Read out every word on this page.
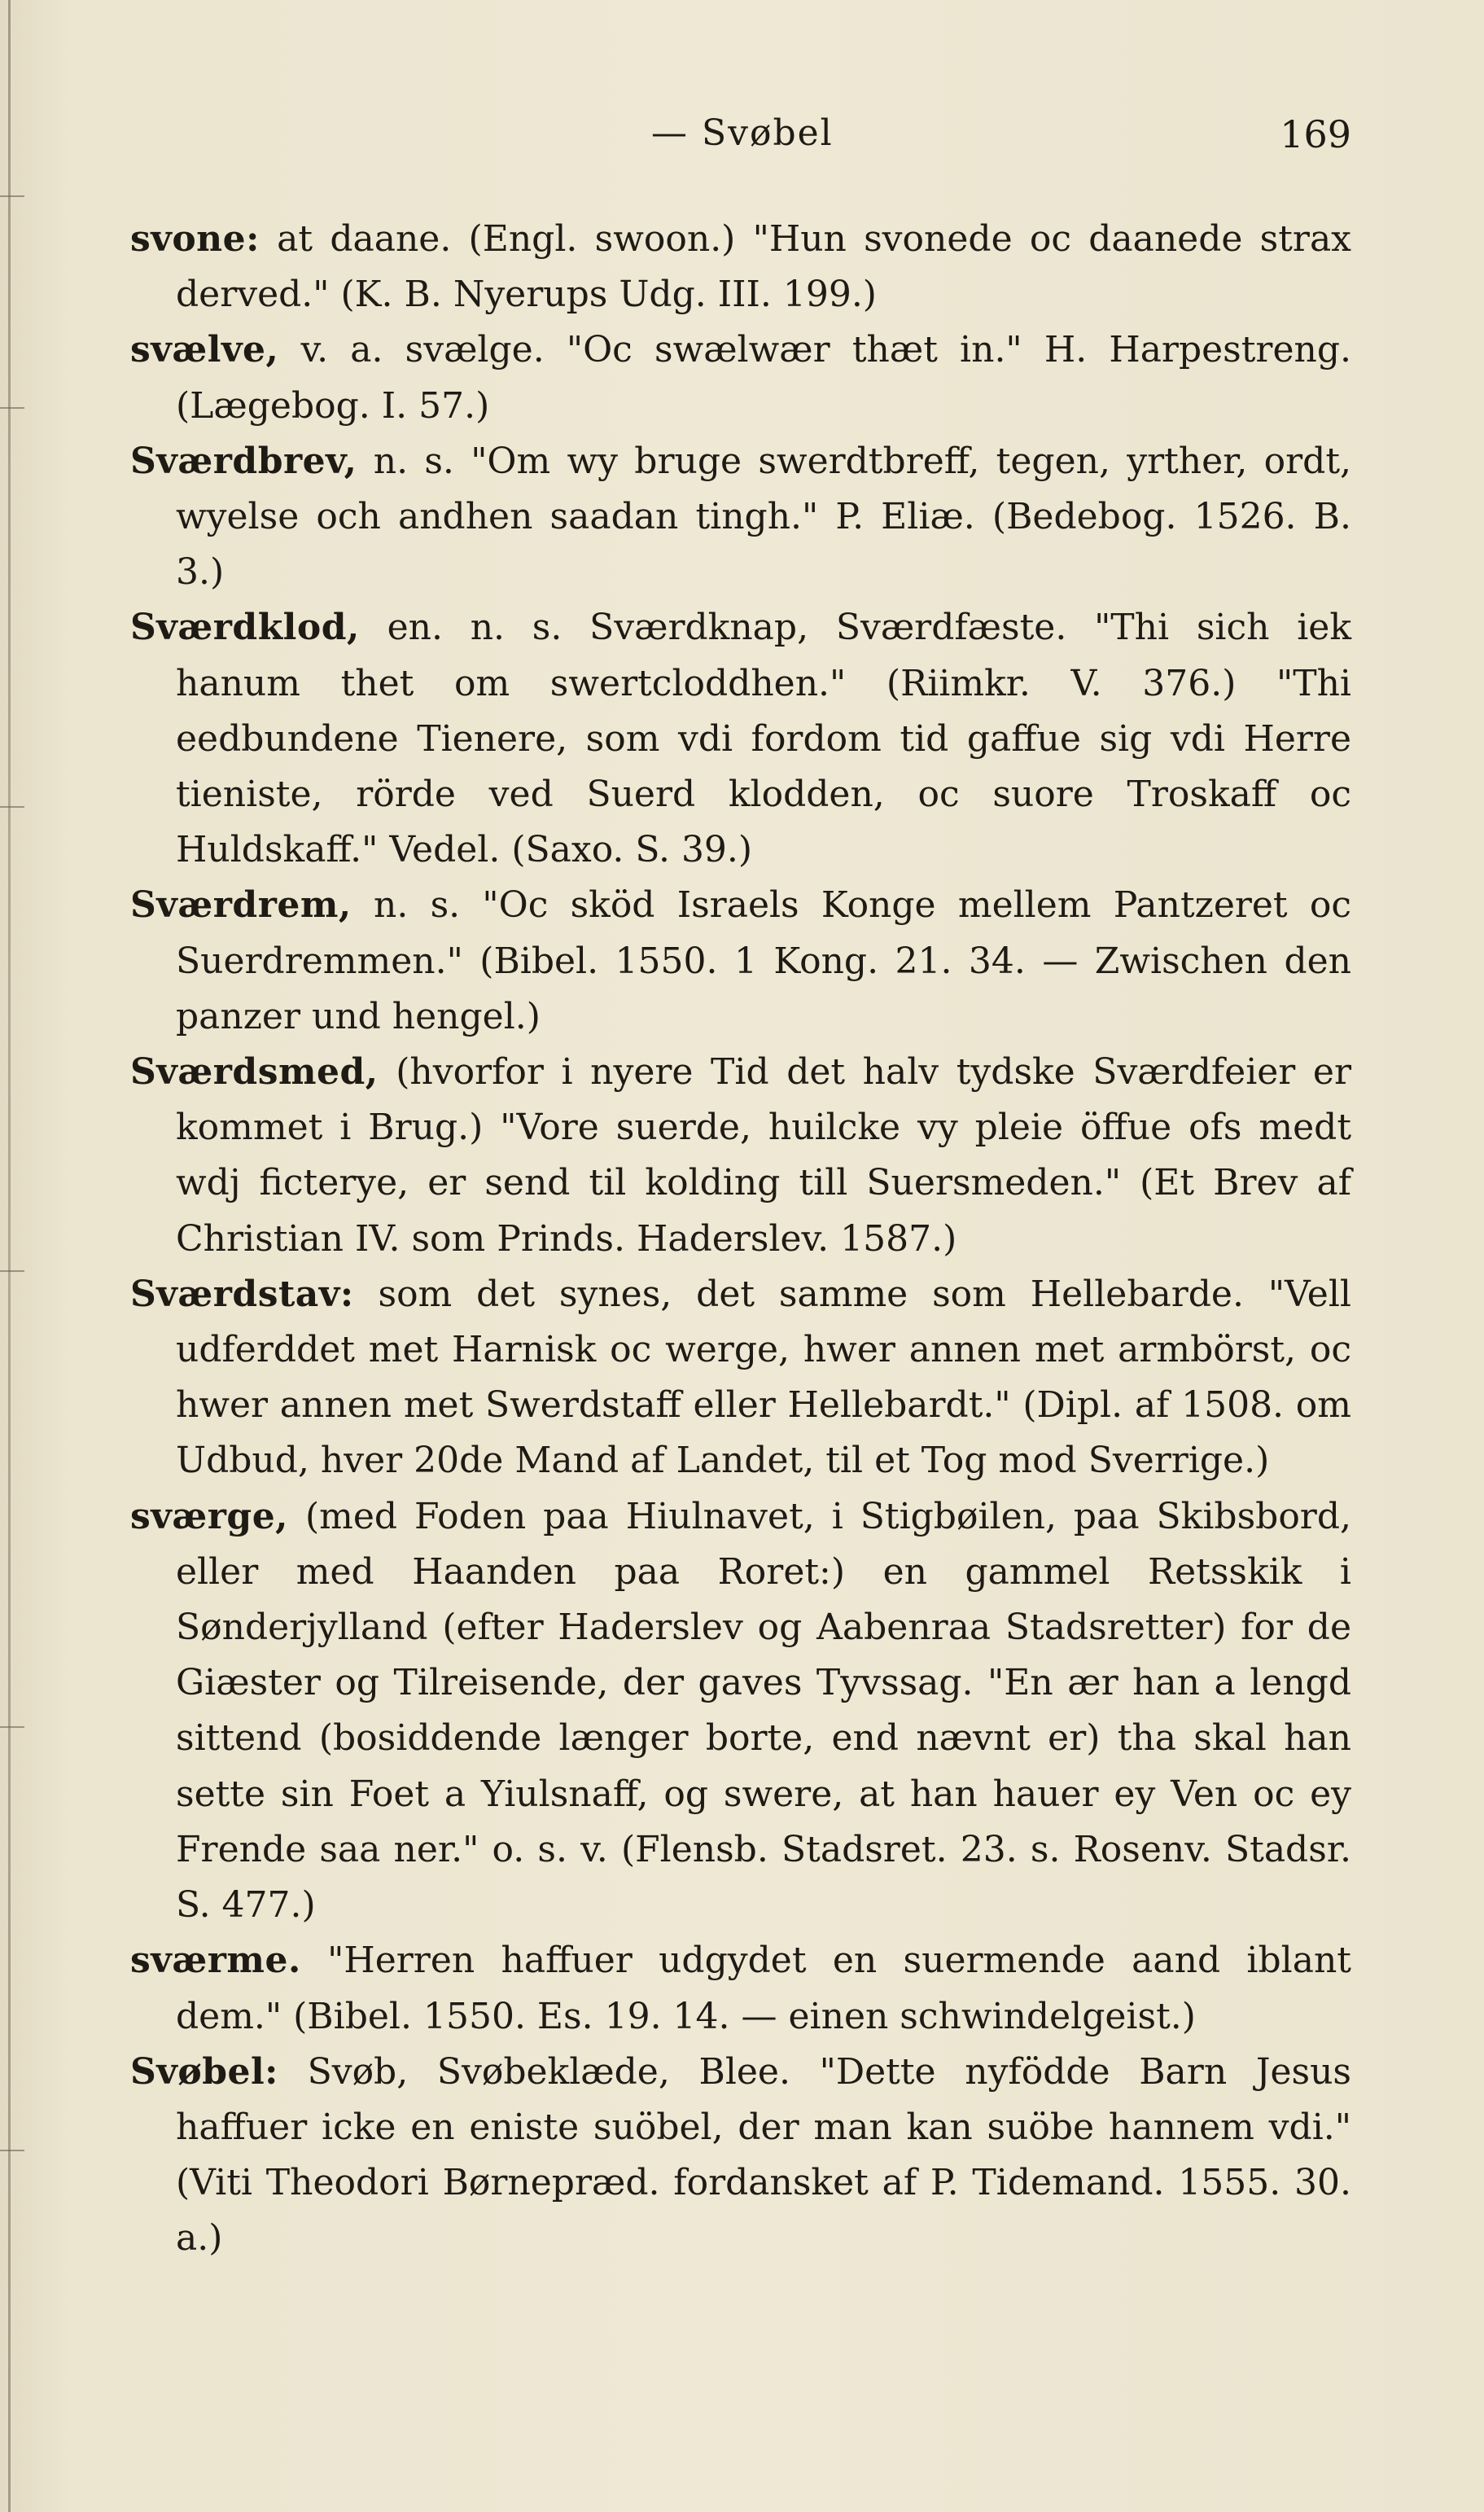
— Svøbel	169

svone: at daane. (Engl. swoon.) "Hun svonede oc daanede strax derved." (K. B. Nyerups Udg. III. 199.)

svælve, v. a. svælge. "Oc swælwær thæt in." H. Harpestreng. (Lægebog. I. 57.)

Sværdbrev, n. s. "Om wy bruge swerdtbreff, tegen, yrther, ordt, wyelse och andhen saadan tingh." P. Eliæ. (Bedebog. 1526. B. 3.)

Sværdklod, en. n. s. Sværdknap, Sværdfæste. "Thi sich iek hanum thet om swertcloddhen." (Riimkr. V. 376.) "Thi eedbundene Tienere, som vdi fordom tid gaffue sig vdi Herre tieniste, rörde ved Suerd klodden, oc suore Troskaff oc Huldskaff." Vedel. (Saxo. S. 39.)

Sværdrem, n. s. "Oc sköd Israels Konge mellem Pantzeret oc Suerdremmen." (Bibel. 1550. 1 Kong. 21. 34. — Zwischen den panzer und hengel.)

Sværdsmed, (hvorfor i nyere Tid det halv tydske Sværdfeier er kommet i Brug.) "Vore suerde, huilcke vy pleie öffue ofs medt wdj ficterye, er send til kolding till Suersmeden." (Et Brev af Christian IV. som Prinds. Haderslev. 1587.)

Sværdstav: som det synes, det samme som Hellebarde. "Vell udferddet met Harnisk oc werge, hwer annen met armbörst, oc hwer annen met Swerdstaff eller Hellebardt." (Dipl. af 1508. om Udbud, hver 20de Mand af Landet, til et Tog mod Sverrige.)

sværge, (med Foden paa Hiulnavet, i Stigbøilen, paa Skibsbord, eller med Haanden paa Roret:) en gammel Retsskik i Sønderjylland (efter Haderslev og Aabenraa Stadsretter) for de Giæster og Tilreisende, der gaves Tyvssag. "En ær han a lengd sittend (bosiddende længer borte, end nævnt er) tha skal han sette sin Foet a Yiulsnaff, og swere, at han hauer ey Ven oc ey Frende saa ner." o. s. v. (Flensb. Stadsret. 23. s. Rosenv. Stadsr. S. 477.)

sværme. "Herren haffuer udgydet en suermende aand iblant dem." (Bibel. 1550. Es. 19. 14. — einen schwindelgeist.)

Svøbel: Svøb, Svøbeklæde, Blee. "Dette nyfödde Barn Jesus haffuer icke en eniste suöbel, der man kan suöbe hannem vdi." (Viti Theodori Børnepræd. fordansket af P. Tidemand. 1555. 30. a.)
